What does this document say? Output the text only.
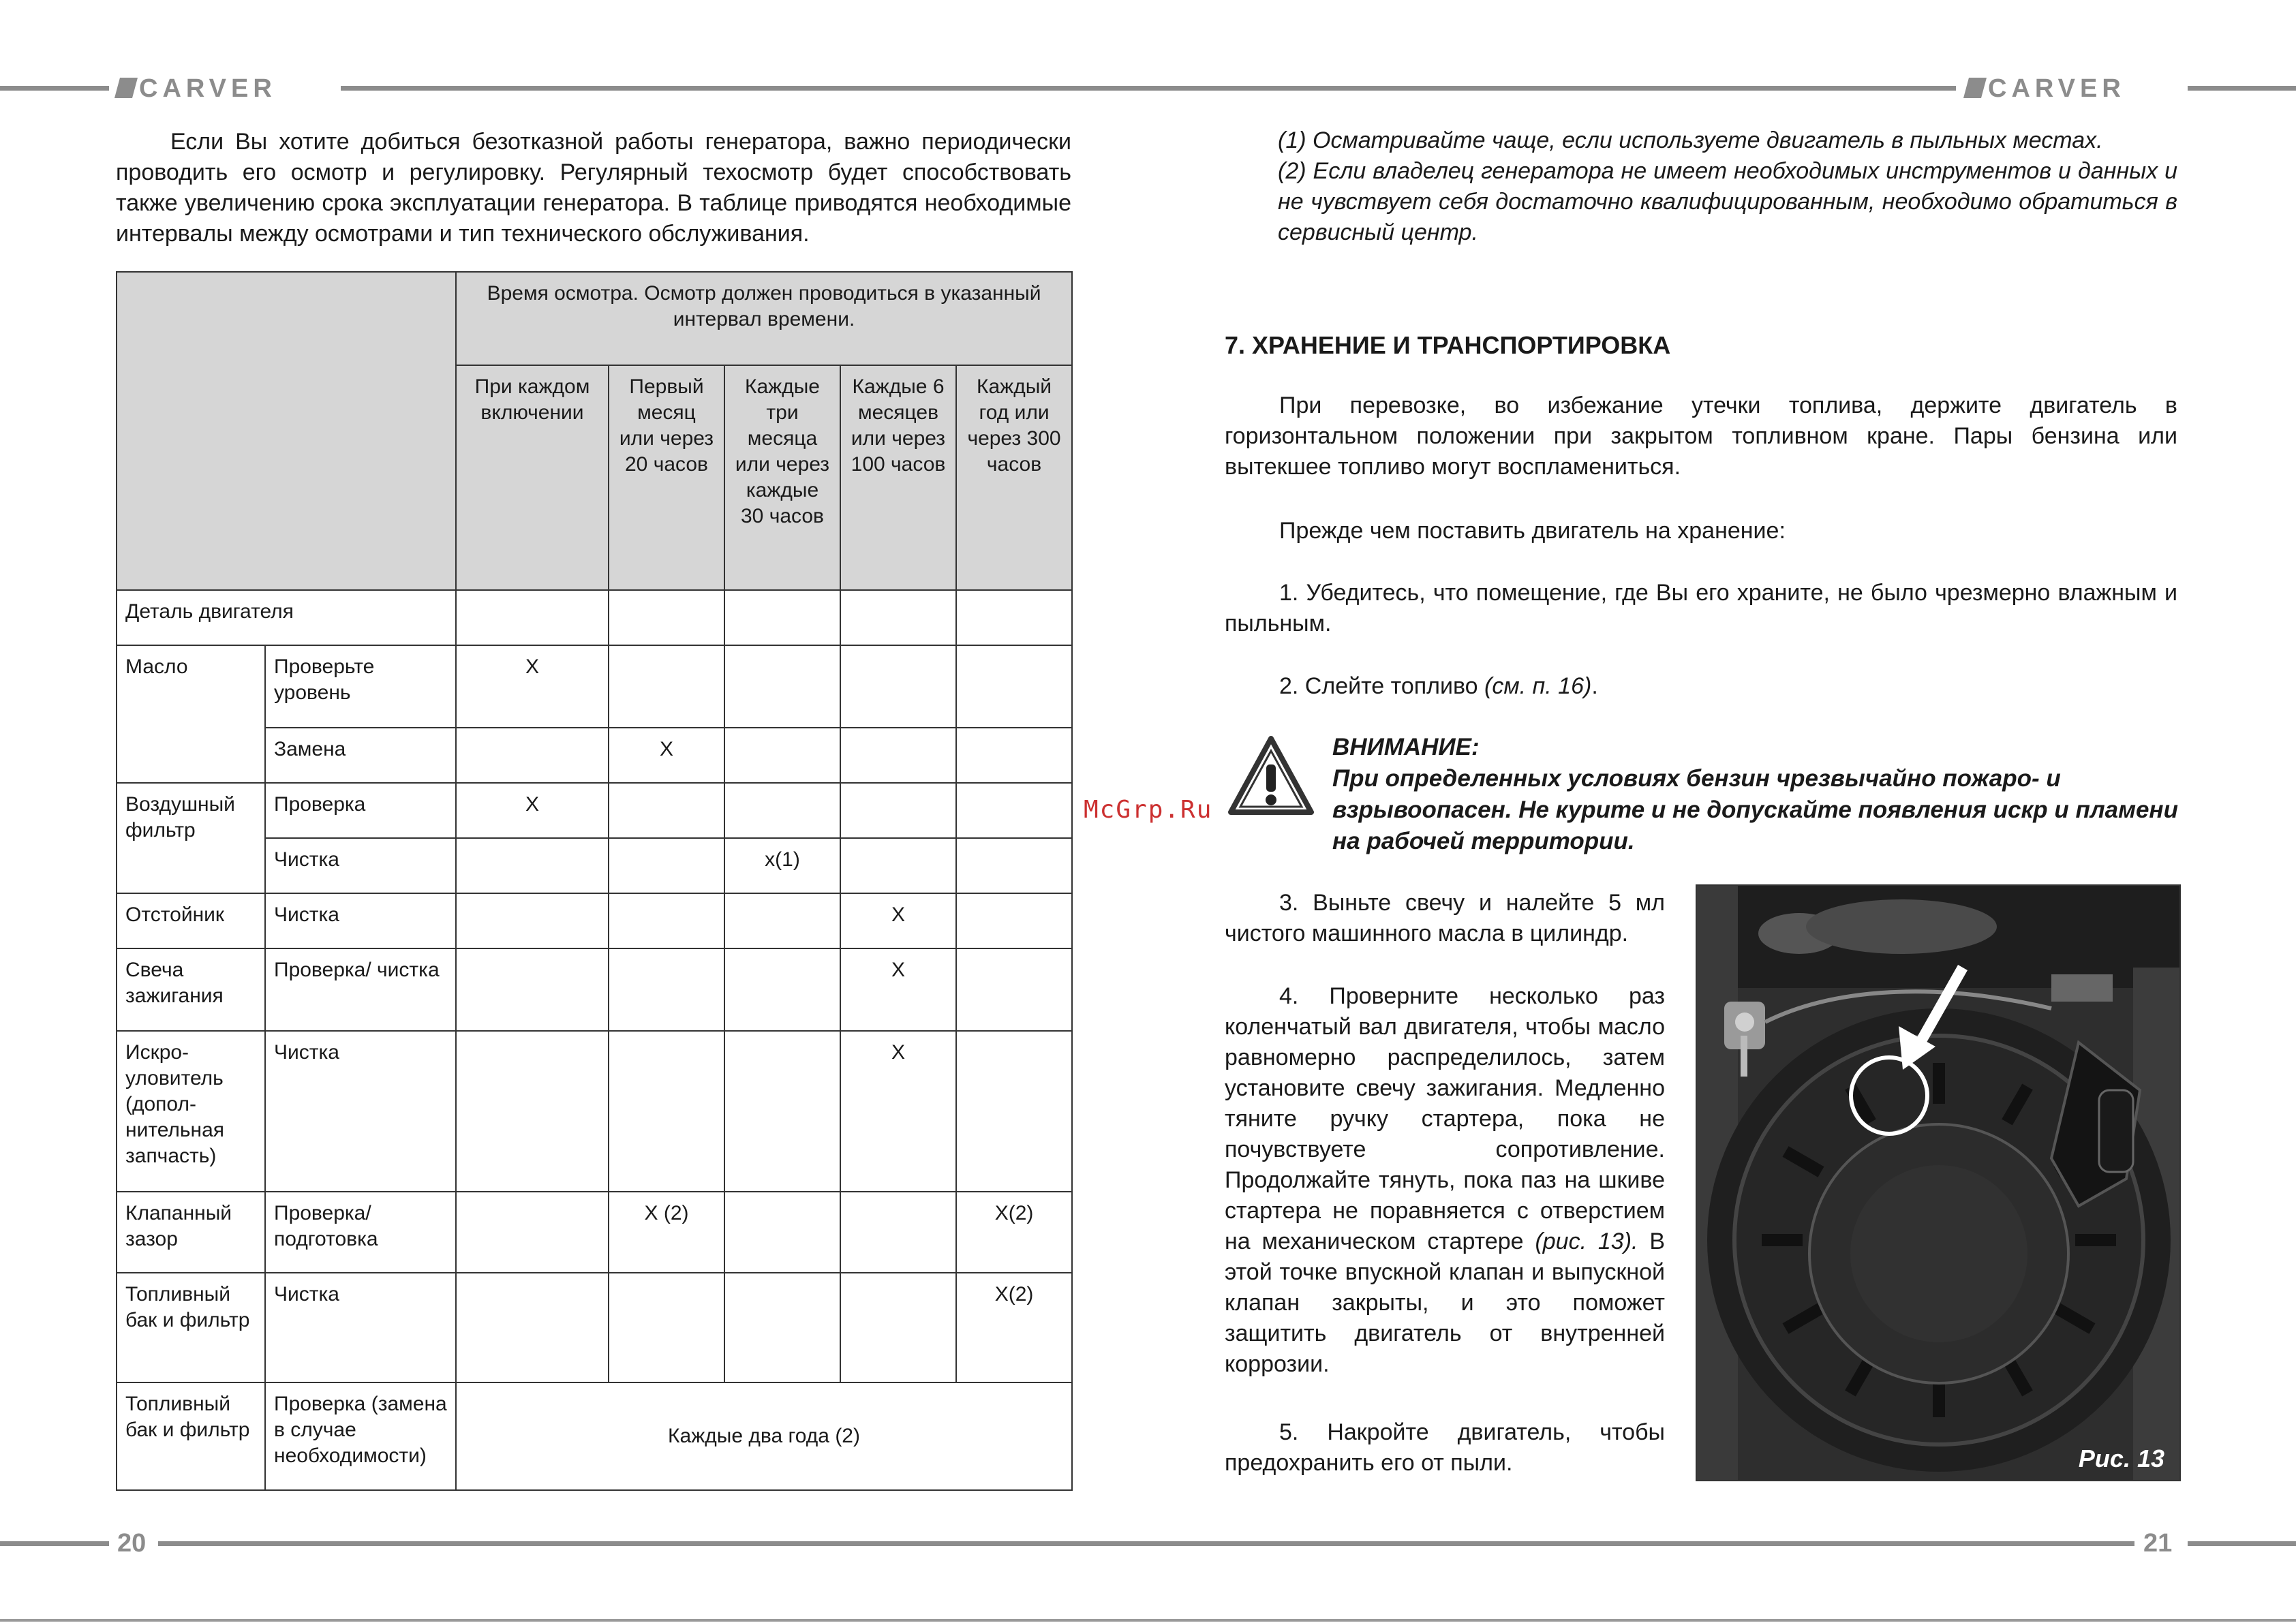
CARVER	CARVER
Если Вы хотите добиться безотказной работы генератора, важно периодически проводить его осмотр и регулировку. Регулярный техосмотр будет способствовать также увеличению срока эксплуатации генератора. В таблице приводятся необходимые интервалы между осмотрами и тип технического обслуживания.
		Время осмотра. Осмотр должен проводиться в указанный интервал времени.				
		При каждом включении	Первый месяц или через 20 часов	Каждые три месяца или через каждые 30 часов	Каждые 6 месяцев или через 100 часов	Каждый год или через 300 часов
Деталь двигателя						
Масло	Проверьте уровень	X				
	Замена		X			
Воздушный фильтр	Проверка	X				
	Чистка			x(1)		
Отстойник	Чистка				X	
Свеча зажигания	Проверка/ чистка				X	
Искро-уловитель (допол-нительная запчасть)	Чистка				X	
Клапанный зазор	Проверка/ подготовка		X (2)			X(2)
Топливный бак и фильтр	Чистка					X(2)
Топливный бак и фильтр	Проверка (замена в случае необходимости)	Каждые два года (2)				
20	21
(1) Осматривайте чаще, если используете двигатель в пыльных местах.
(2) Если владелец генератора не имеет необходимых инструментов и данных и не чувствует себя достаточно квалифицированным, необходимо обратиться в сервисный центр.
7. ХРАНЕНИЕ И ТРАНСПОРТИРОВКА
При перевозке, во избежание утечки топлива, держите двигатель в горизонтальном положении при закрытом топливном кране. Пары бензина или вытекшее топливо могут воспламениться.
Прежде чем поставить двигатель на хранение:
1. Убедитесь, что помещение, где Вы его храните, не было чрезмерно влажным и пыльным.
2. Слейте топливо (см. п. 16).
ВНИМАНИЕ:
При определенных условиях бензин чрезвычайно пожаро- и взрывоопасен. Не курите и не допускайте появления искр и пламени на рабочей территории.
McGrp.Ru
3. Выньте свечу и налейте 5 мл чистого машинного масла в цилиндр.
4. Проверните несколько раз коленчатый вал двигателя, чтобы масло равномерно распределилось, затем установите свечу зажигания. Медленно тяните ручку стартера, пока не почувствуете сопротивление. Продолжайте тянуть, пока паз на шкиве стартера не поравняется с отверстием на механическом стартере (рис. 13). В этой точке впускной клапан и выпускной клапан закрыты, и это поможет защитить двигатель от внутренней коррозии.
5. Накройте двигатель, чтобы предохранить его от пыли.	Рис. 13
